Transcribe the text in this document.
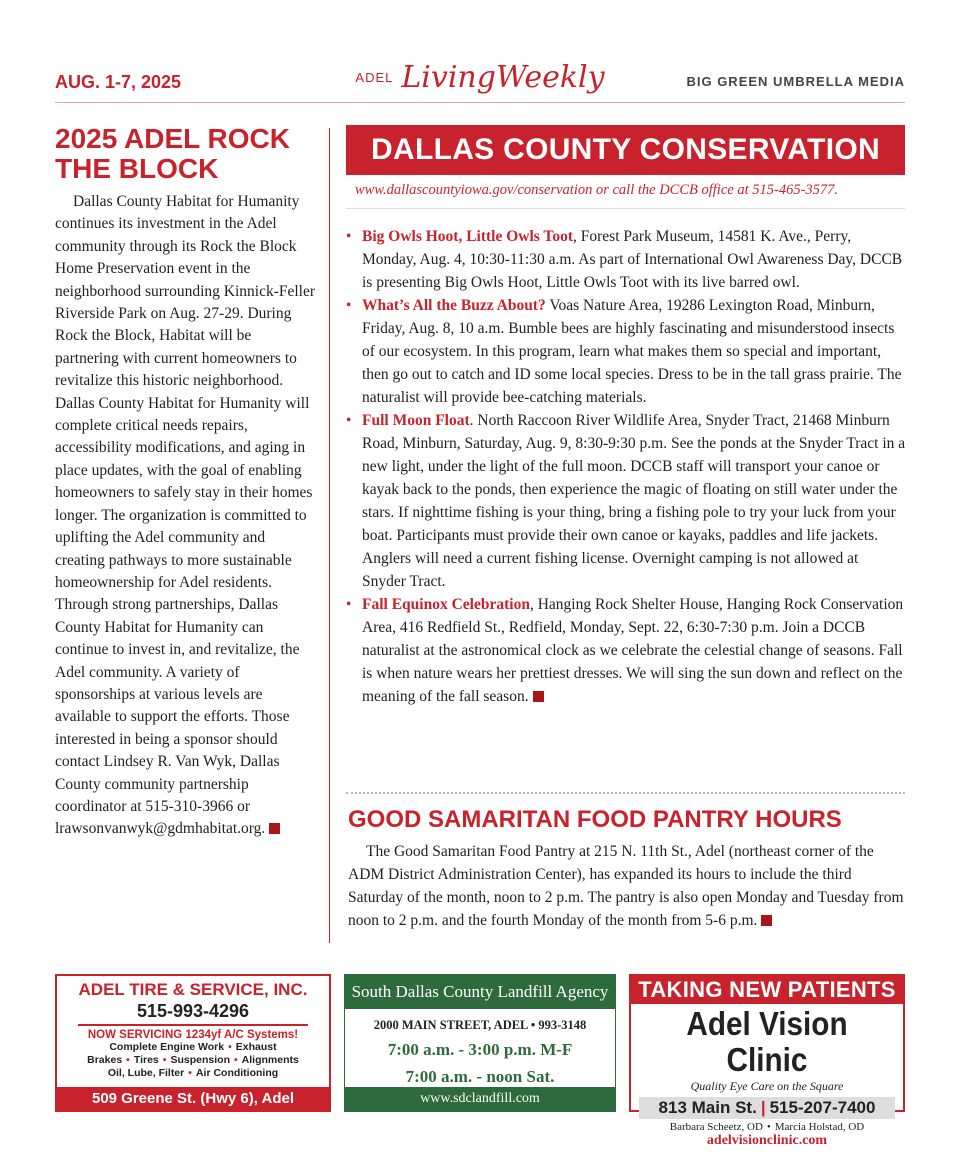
AUG. 1-7, 2025	ADEL LivingWeekly	BIG GREEN UMBRELLA MEDIA
2025 ADEL ROCK THE BLOCK

Dallas County Habitat for Humanity continues its investment in the Adel community through its Rock the Block Home Preservation event in the neighborhood surrounding Kinnick-Feller Riverside Park on Aug. 27-29. During Rock the Block, Habitat will be partnering with current homeowners to revitalize this historic neighborhood. Dallas County Habitat for Humanity will complete critical needs repairs, accessibility modifications, and aging in place updates, with the goal of enabling homeowners to safely stay in their homes longer. The organization is committed to uplifting the Adel community and creating pathways to more sustainable homeownership for Adel residents. Through strong partnerships, Dallas County Habitat for Humanity can continue to invest in, and revitalize, the Adel community. A variety of sponsorships at various levels are available to support the efforts. Those interested in being a sponsor should contact Lindsey R. Van Wyk, Dallas County community partnership coordinator at 515-310-3966 or lrawsonvanwyk@gdmhabitat.org.

DALLAS COUNTY CONSERVATION
www.dallascountyiowa.gov/conservation or call the DCCB office at 515-465-3577.
• Big Owls Hoot, Little Owls Toot, Forest Park Museum, 14581 K. Ave., Perry, Monday, Aug. 4, 10:30-11:30 a.m. As part of International Owl Awareness Day, DCCB is presenting Big Owls Hoot, Little Owls Toot with its live barred owl.
• What’s All the Buzz About? Voas Nature Area, 19286 Lexington Road, Minburn, Friday, Aug. 8, 10 a.m. Bumble bees are highly fascinating and misunderstood insects of our ecosystem. In this program, learn what makes them so special and important, then go out to catch and ID some local species. Dress to be in the tall grass prairie. The naturalist will provide bee-catching materials.
• Full Moon Float. North Raccoon River Wildlife Area, Snyder Tract, 21468 Minburn Road, Minburn, Saturday, Aug. 9, 8:30-9:30 p.m. See the ponds at the Snyder Tract in a new light, under the light of the full moon. DCCB staff will transport your canoe or kayak back to the ponds, then experience the magic of floating on still water under the stars. If nighttime fishing is your thing, bring a fishing pole to try your luck from your boat. Participants must provide their own canoe or kayaks, paddles and life jackets. Anglers will need a current fishing license. Overnight camping is not allowed at Snyder Tract.
• Fall Equinox Celebration, Hanging Rock Shelter House, Hanging Rock Conservation Area, 416 Redfield St., Redfield, Monday, Sept. 22, 6:30-7:30 p.m. Join a DCCB naturalist at the astronomical clock as we celebrate the celestial change of seasons. Fall is when nature wears her prettiest dresses. We will sing the sun down and reflect on the meaning of the fall season.
GOOD SAMARITAN FOOD PANTRY HOURS

The Good Samaritan Food Pantry at 215 N. 11th St., Adel (northeast corner of the ADM District Administration Center), has expanded its hours to include the third Saturday of the month, noon to 2 p.m. The pantry is also open Monday and Tuesday from noon to 2 p.m. and the fourth Monday of the month from 5-6 p.m.

ADEL TIRE & SERVICE, INC.
515-993-4296
NOW SERVICING 1234yf A/C Systems!
Complete Engine Work • Exhaust
Brakes • Tires • Suspension • Alignments
Oil, Lube, Filter • Air Conditioning
509 Greene St. (Hwy 6), Adel
South Dallas County Landfill Agency
2000 MAIN STREET, ADEL • 993-3148
7:00 a.m. - 3:00 p.m. M-F
7:00 a.m. - noon Sat.
www.sdclandfill.com
TAKING NEW PATIENTS
Adel Vision Clinic
Quality Eye Care on the Square
813 Main St. | 515-207-7400
Barbara Scheetz, OD • Marcia Holstad, OD
adelvisionclinic.com
